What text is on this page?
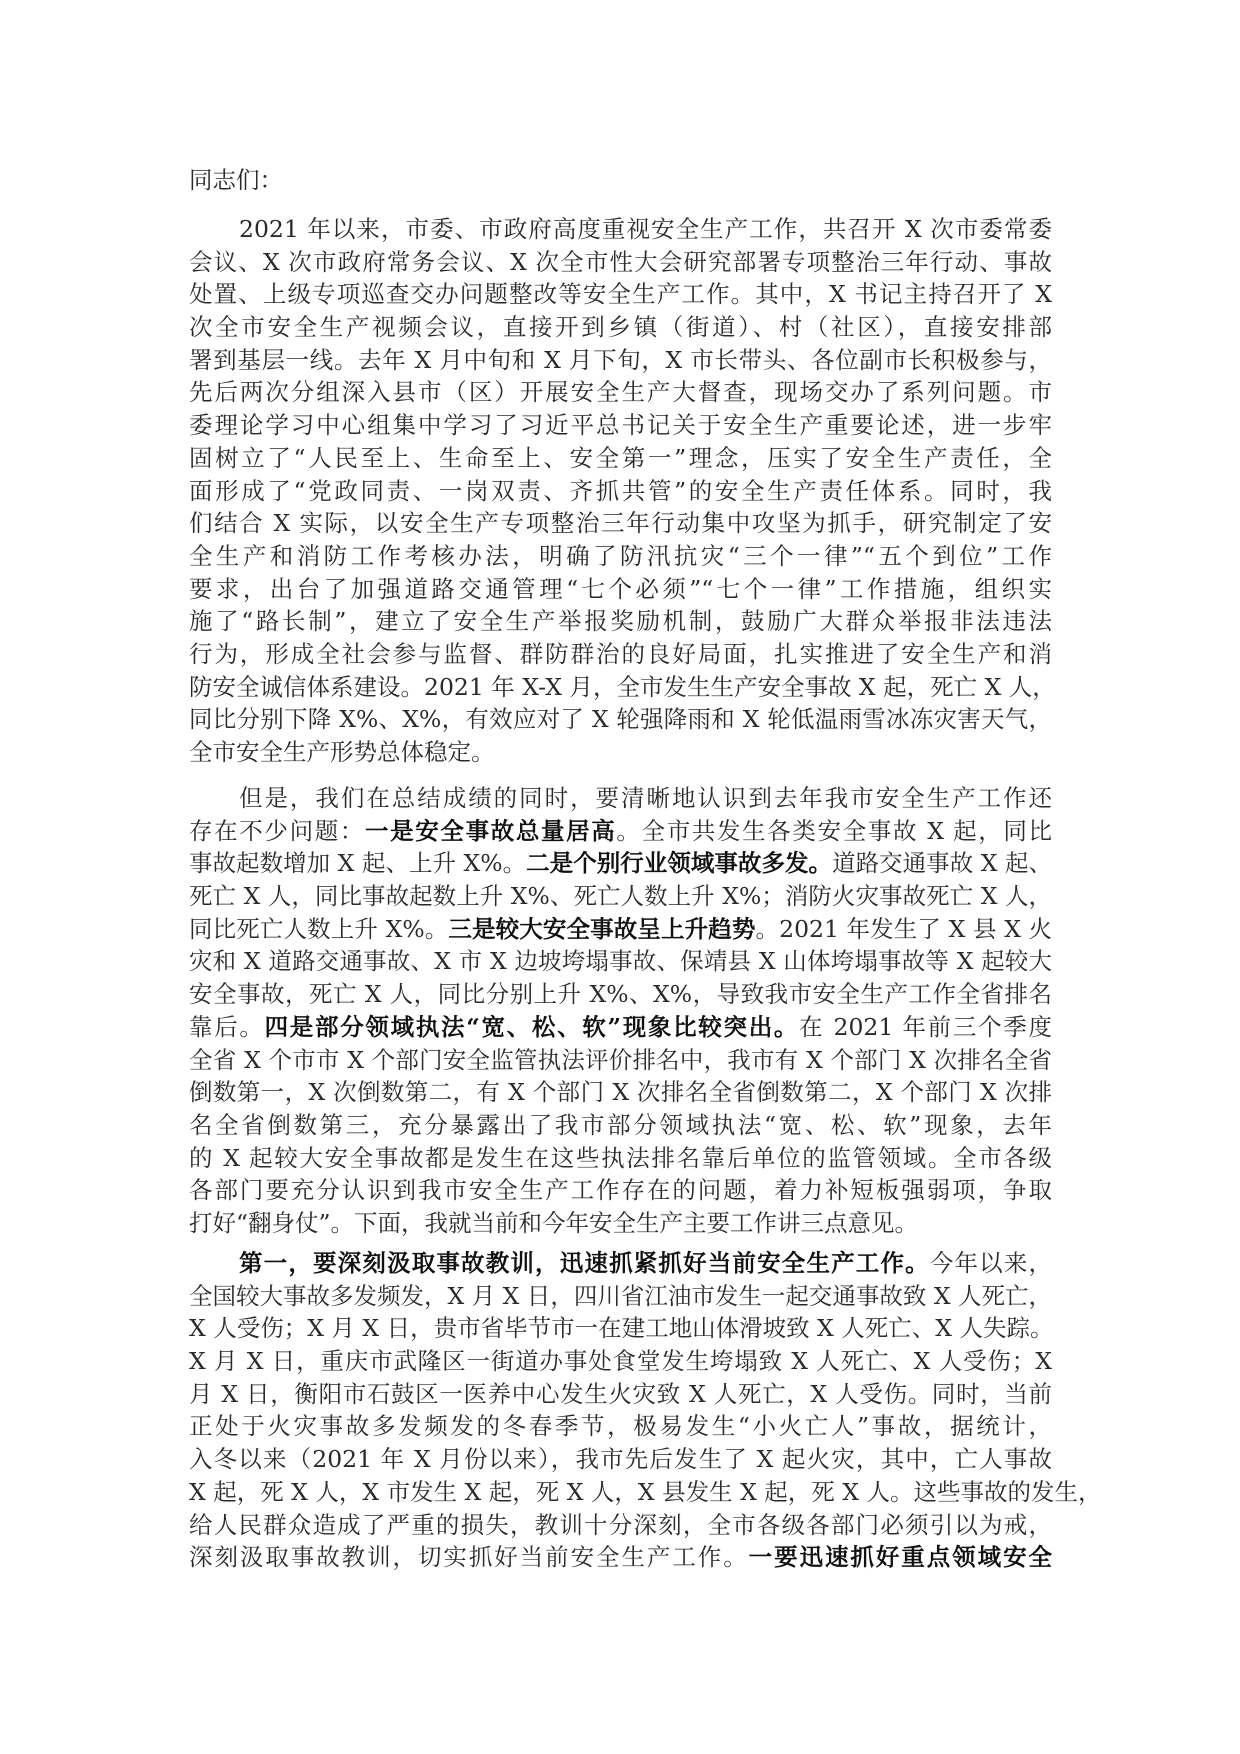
同志们：
2021 年以来，市委、市政府高度重视安全生产工作，共召开 X 次市委常委
会议、X 次市政府常务会议、X 次全市性大会研究部署专项整治三年行动、事故
处置、上级专项巡查交办问题整改等安全生产工作。其中，X 书记主持召开了 X
次全市安全生产视频会议，直接开到乡镇（街道）、村（社区），直接安排部
署到基层一线。去年 X 月中旬和 X 月下旬，X 市长带头、各位副市长积极参与，
先后两次分组深入县市（区）开展安全生产大督查，现场交办了系列问题。市
委理论学习中心组集中学习了习近平总书记关于安全生产重要论述，进一步牢
固树立了“人民至上、生命至上、安全第一”理念，压实了安全生产责任，全
面形成了“党政同责、一岗双责、齐抓共管”的安全生产责任体系。同时，我
们结合 X 实际，以安全生产专项整治三年行动集中攻坚为抓手，研究制定了安
全生产和消防工作考核办法，明确了防汛抗灾“三个一律”“五个到位”工作
要求，出台了加强道路交通管理“七个必须”“七个一律”工作措施，组织实
施了“路长制”，建立了安全生产举报奖励机制，鼓励广大群众举报非法违法
行为，形成全社会参与监督、群防群治的良好局面，扎实推进了安全生产和消
防安全诚信体系建设。2021 年 X-X 月，全市发生生产安全事故 X 起，死亡 X 人，
同比分别下降 X%、X%，有效应对了 X 轮强降雨和 X 轮低温雨雪冰冻灾害天气，
全市安全生产形势总体稳定。
但是，我们在总结成绩的同时，要清晰地认识到去年我市安全生产工作还
存在不少问题：一是安全事故总量居高。全市共发生各类安全事故 X 起，同比
事故起数增加 X 起、上升 X%。二是个别行业领域事故多发。道路交通事故 X 起、
死亡 X 人，同比事故起数上升 X%、死亡人数上升 X%；消防火灾事故死亡 X 人，
同比死亡人数上升 X%。三是较大安全事故呈上升趋势。2021 年发生了 X 县 X 火
灾和 X 道路交通事故、X 市 X 边坡垮塌事故、保靖县 X 山体垮塌事故等 X 起较大
安全事故，死亡 X 人，同比分别上升 X%、X%，导致我市安全生产工作全省排名
靠后。四是部分领域执法“宽、松、软”现象比较突出。在 2021 年前三个季度
全省 X 个市市 X 个部门安全监管执法评价排名中，我市有 X 个部门 X 次排名全省
倒数第一，X 次倒数第二，有 X 个部门 X 次排名全省倒数第二，X 个部门 X 次排
名全省倒数第三，充分暴露出了我市部分领域执法“宽、松、软”现象，去年
的 X 起较大安全事故都是发生在这些执法排名靠后单位的监管领域。全市各级
各部门要充分认识到我市安全生产工作存在的问题，着力补短板强弱项，争取
打好“翻身仗”。下面，我就当前和今年安全生产主要工作讲三点意见。
第一，要深刻汲取事故教训，迅速抓紧抓好当前安全生产工作。今年以来，
全国较大事故多发频发，X 月 X 日，四川省江油市发生一起交通事故致 X 人死亡，
X 人受伤；X 月 X 日，贵市省毕节市一在建工地山体滑坡致 X 人死亡、X 人失踪。
X 月 X 日，重庆市武隆区一街道办事处食堂发生垮塌致 X 人死亡、X 人受伤；X
月 X 日，衡阳市石鼓区一医养中心发生火灾致 X 人死亡，X 人受伤。同时，当前
正处于火灾事故多发频发的冬春季节，极易发生“小火亡人”事故，据统计，
入冬以来（2021 年 X 月份以来），我市先后发生了 X 起火灾，其中，亡人事故
X 起，死 X 人，X 市发生 X 起，死 X 人，X 县发生 X 起，死 X 人。这些事故的发生，
给人民群众造成了严重的损失，教训十分深刻，全市各级各部门必须引以为戒，
深刻汲取事故教训，切实抓好当前安全生产工作。一要迅速抓好重点领域安全
